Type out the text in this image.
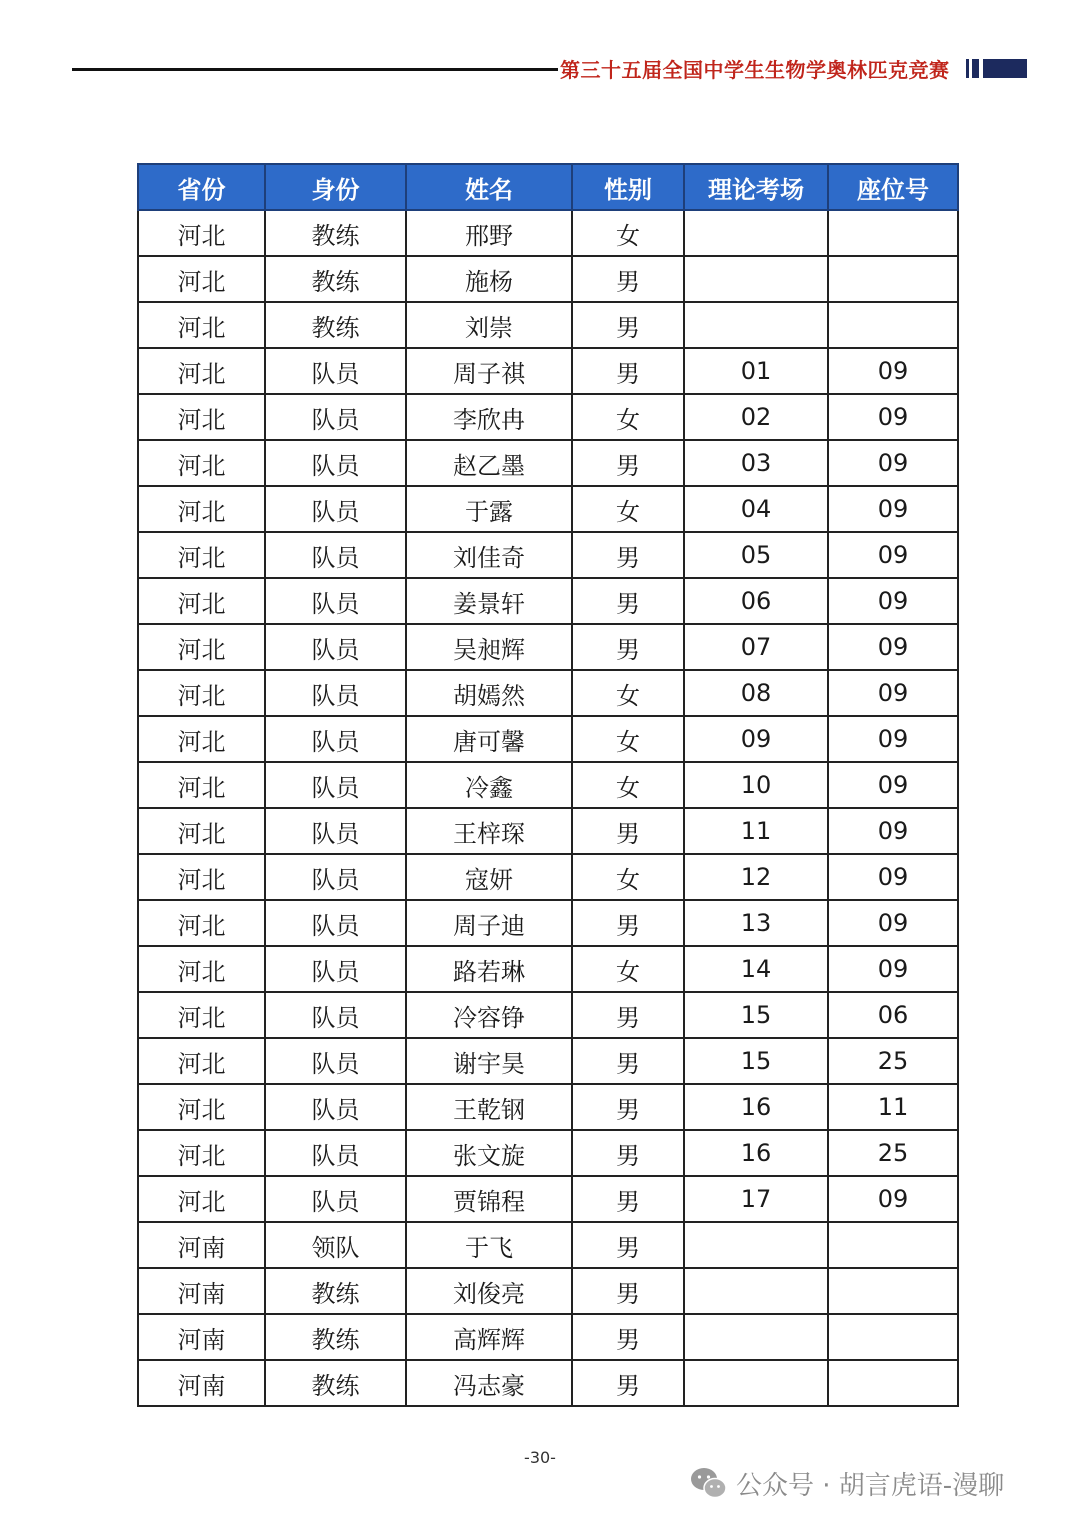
第三十五届全国中学生生物学奥林匹克竞赛
省份	身份	姓名	性别	理论考场	座位号
河北	教练	邢野	女		
河北	教练	施杨	男		
河北	教练	刘崇	男		
河北	队员	周子祺	男	01	09
河北	队员	李欣冉	女	02	09
河北	队员	赵乙墨	男	03	09
河北	队员	于露	女	04	09
河北	队员	刘佳奇	男	05	09
河北	队员	姜景轩	男	06	09
河北	队员	吴昶辉	男	07	09
河北	队员	胡嫣然	女	08	09
河北	队员	唐可馨	女	09	09
河北	队员	冷鑫	女	10	09
河北	队员	王梓琛	男	11	09
河北	队员	寇妍	女	12	09
河北	队员	周子迪	男	13	09
河北	队员	路若琳	女	14	09
河北	队员	冷容铮	男	15	06
河北	队员	谢宇昊	男	15	25
河北	队员	王乾钢	男	16	11
河北	队员	张文旋	男	16	25
河北	队员	贾锦程	男	17	09
河南	领队	于飞	男		
河南	教练	刘俊亮	男		
河南	教练	高辉辉	男		
河南	教练	冯志豪	男		
-30-
公众号 · 胡言虎语-漫聊
